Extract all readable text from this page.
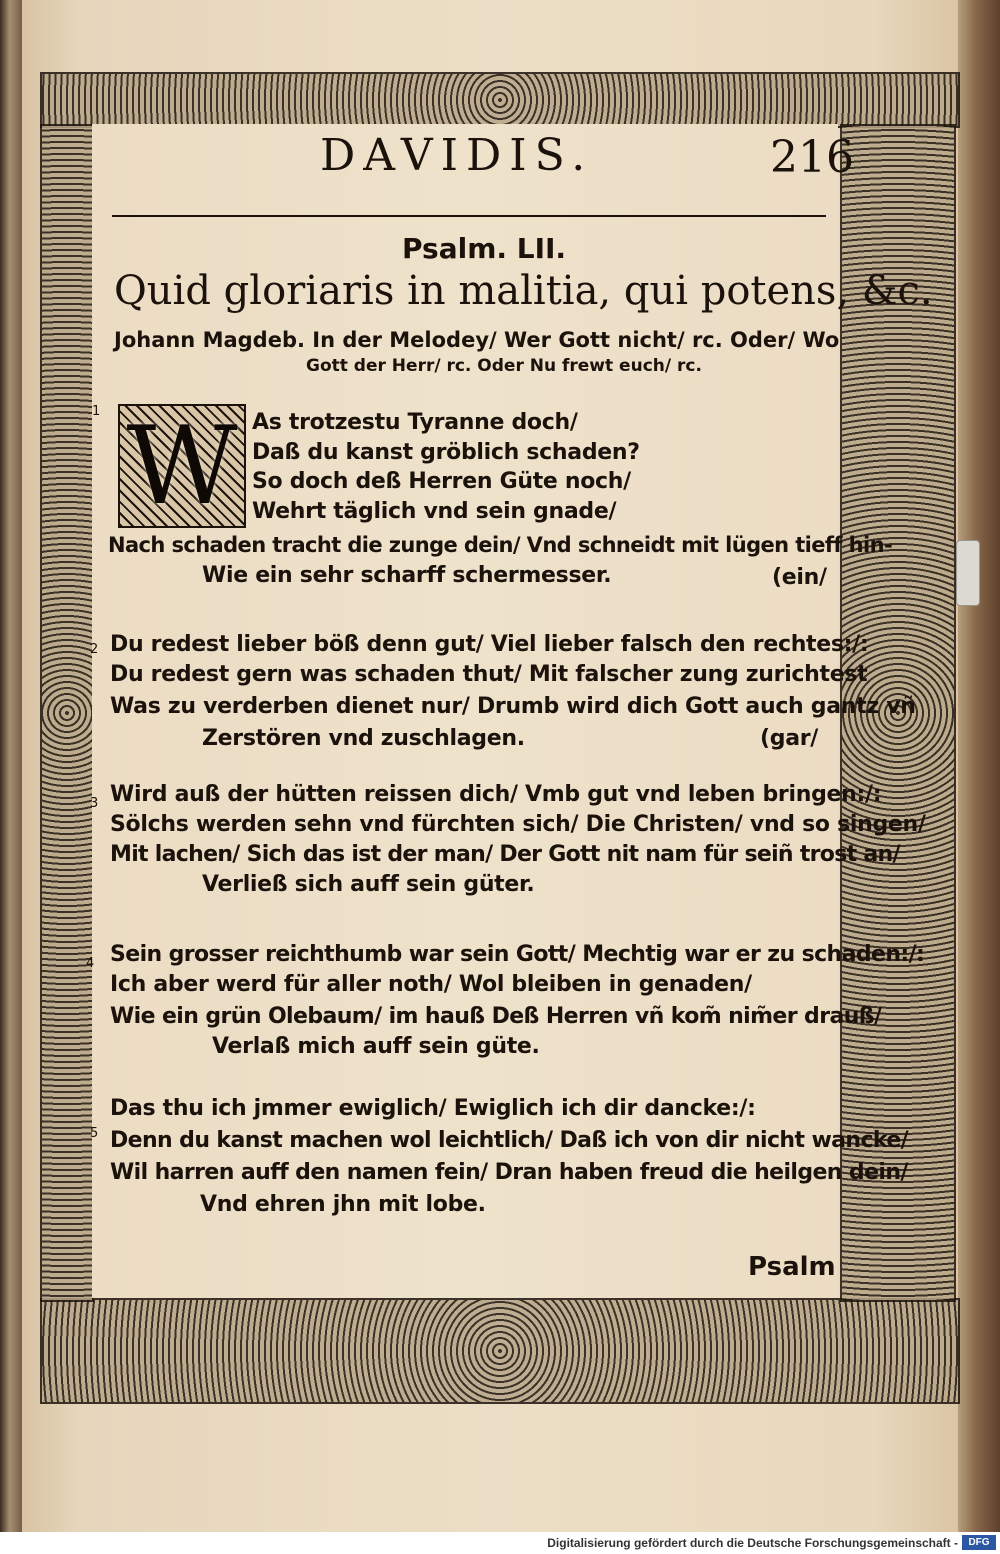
DAVIDIS.	216
Psalm. LII.
Quid gloriaris in malitia, qui potens, &c.
Johann Magdeb. In der Melodey/ Wer Gott nicht/ rc. Oder/ Wo
Gott der Herr/ rc. Oder Nu frewt euch/ rc.
1 W As trotzestu Tyranne doch/
Daß du kanst gröblich schaden?
So doch deß Herren Güte noch/
Wehrt täglich vnd sein gnade/
Nach schaden tracht die zunge dein/ Vnd schneidt mit lügen tieff hin-
Wie ein sehr scharff schermesser.	(ein/
2 Du redest lieber böß denn gut/ Viel lieber falsch den rechtes:/:
Du redest gern was schaden thut/ Mit falscher zung zurichtest
Was zu verderben dienet nur/ Drumb wird dich Gott auch gantz vñ
Zerstören vnd zuschlagen.	(gar/
3 Wird auß der hütten reissen dich/ Vmb gut vnd leben bringen:/:
Sölchs werden sehn vnd fürchten sich/ Die Christen/ vnd so singen/
Mit lachen/ Sich das ist der man/ Der Gott nit nam für seiñ trost an/
Verließ sich auff sein güter.
4 Sein grosser reichthumb war sein Gott/ Mechtig war er zu schaden:/:
Ich aber werd für aller noth/ Wol bleiben in genaden/
Wie ein grün Olebaum/ im hauß Deß Herren vñ kom̃ nim̃er drauß/
Verlaß mich auff sein güte.
5
Das thu ich jmmer ewiglich/ Ewiglich ich dir dancke:/:
Denn du kanst machen wol leichtlich/ Daß ich von dir nicht wancke/
Wil harren auff den namen fein/ Dran haben freud die heilgen dein/
Vnd ehren jhn mit lobe.
Psalm
Digitalisierung gefördert durch die Deutsche Forschungsgemeinschaft -	DFG
